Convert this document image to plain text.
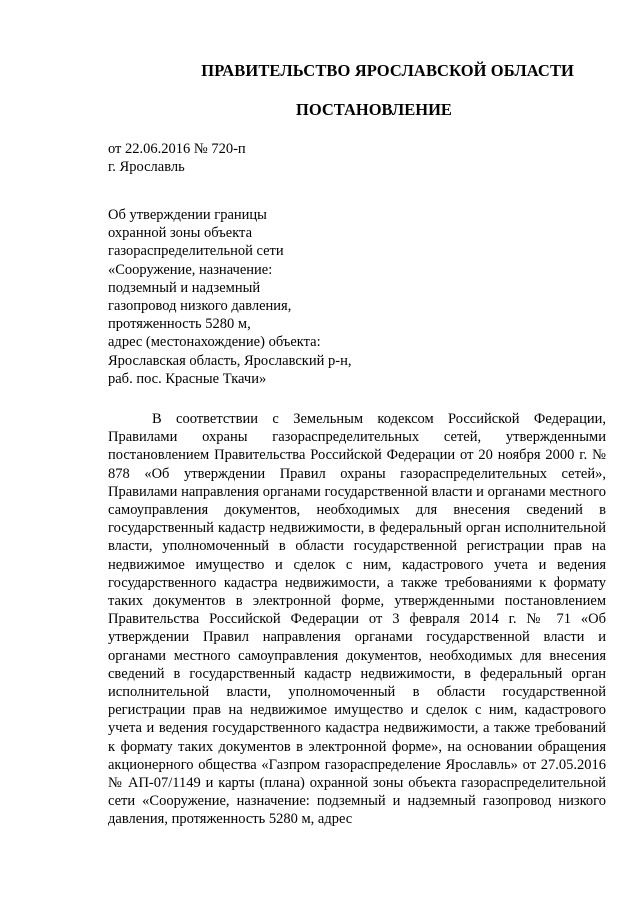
ПРАВИТЕЛЬСТВО ЯРОСЛАВСКОЙ ОБЛАСТИ
ПОСТАНОВЛЕНИЕ
от 22.06.2016 № 720-п
г. Ярославль
Об утверждении границы
охранной зоны объекта
газораспределительной сети
«Сооружение, назначение:
подземный и надземный
газопровод низкого давления,
протяженность 5280 м,
адрес (местонахождение) объекта:
Ярославская область, Ярославский р-н,
раб. пос. Красные Ткачи»
В соответствии с Земельным кодексом Российской Федерации, Правилами охраны газораспределительных сетей, утвержденными постановлением Правительства Российской Федерации от 20 ноября 2000 г. № 878 «Об утверждении Правил охраны газораспределительных сетей», Правилами направления органами государственной власти и органами местного самоуправления документов, необходимых для внесения сведений в государственный кадастр недвижимости, в федеральный орган исполнительной власти, уполномоченный в области государственной регистрации прав на недвижимое имущество и сделок с ним, кадастрового учета и ведения государственного кадастра недвижимости, а также требованиями к формату таких документов в электронной форме, утвержденными постановлением Правительства Российской Федерации от 3 февраля 2014 г. № 71 «Об утверждении Правил направления органами государственной власти и органами местного самоуправления документов, необходимых для внесения сведений в государственный кадастр недвижимости, в федеральный орган исполнительной власти, уполномоченный в области государственной регистрации прав на недвижимое имущество и сделок с ним, кадастрового учета и ведения государственного кадастра недвижимости, а также требований к формату таких документов в электронной форме», на основании обращения акционерного общества «Газпром газораспределение Ярославль» от 27.05.2016 № АП-07/1149 и карты (плана) охранной зоны объекта газораспределительной сети «Сооружение, назначение: подземный и надземный газопровод низкого давления, протяженность 5280 м, адрес
